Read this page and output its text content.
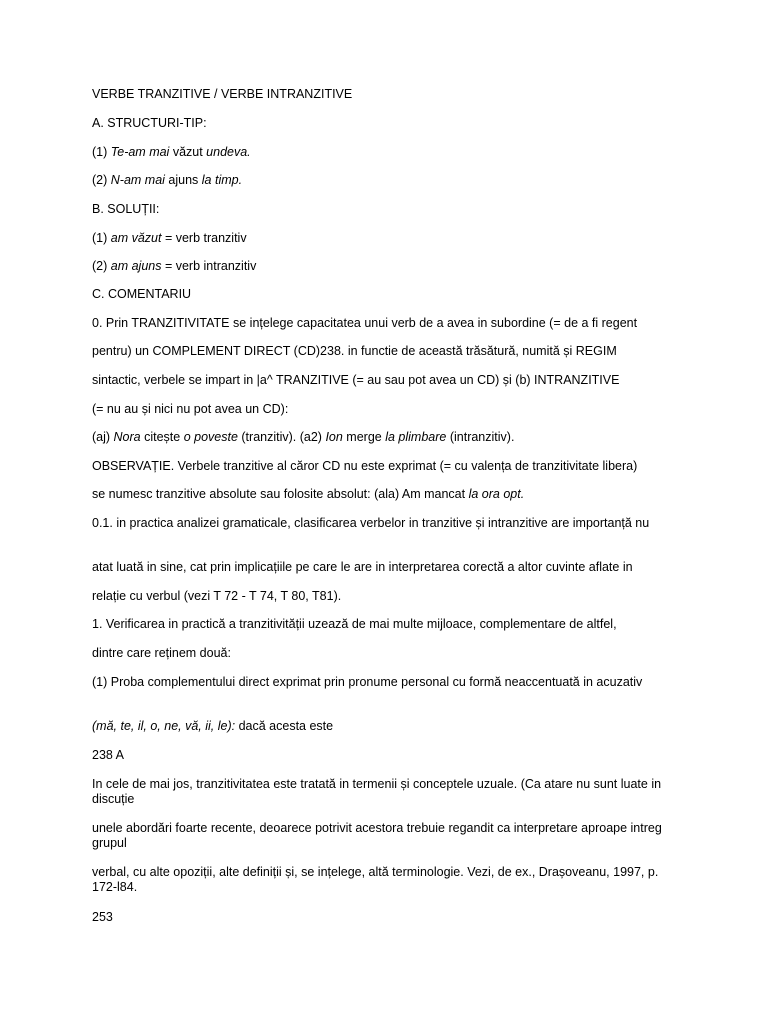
VERBE TRANZITIVE / VERBE INTRANZITIVE
A. STRUCTURI-TIP:
(1) Te-am mai văzut undeva.
(2) N-am mai ajuns la timp.
B. SOLUȚII:
(1) am văzut = verb tranzitiv
(2) am ajuns = verb intranzitiv
C. COMENTARIU
0. Prin TRANZITIVITATE se ințelege capacitatea unui verb de a avea in subordine (= de a fi regent
pentru) un COMPLEMENT DIRECT (CD)238. in functie de această trăsătură, numită și REGIM
sintactic, verbele se impart in |a^ TRANZITIVE (= au sau pot avea un CD) și (b) INTRANZITIVE
(= nu au și nici nu pot avea un CD):
(aj) Nora citește o poveste (tranzitiv). (a2) Ion merge la plimbare (intranzitiv).
OBSERVAȚIE. Verbele tranzitive al căror CD nu este exprimat (= cu valența de tranzitivitate libera)
se numesc tranzitive absolute sau folosite absolut: (ala) Am mancat la ora opt.
0.1. in practica analizei gramaticale, clasificarea verbelor in tranzitive și intranzitive are importanță nu
atat luată in sine, cat prin implicațiile pe care le are in interpretarea corectă a altor cuvinte aflate in
relație cu verbul (vezi T 72 - T 74, T 80, T81).
1. Verificarea in practică a tranzitivității uzează de mai multe mijloace, complementare de altfel,
dintre care reținem două:
(1) Proba complementului direct exprimat prin pronume personal cu formă neaccentuată in acuzativ
(mă, te, il, o, ne, vă, ii, le): dacă acesta este
238 A
In cele de mai jos, tranzitivitatea este tratată in termenii și conceptele uzuale. (Ca atare nu sunt luate in discuție
unele abordări foarte recente, deoarece potrivit acestora trebuie regandit ca interpretare aproape intreg grupul
verbal, cu alte opoziții, alte definiții și, se ințelege, altă terminologie. Vezi, de ex., Drașoveanu, 1997, p. 172-l84.
253
